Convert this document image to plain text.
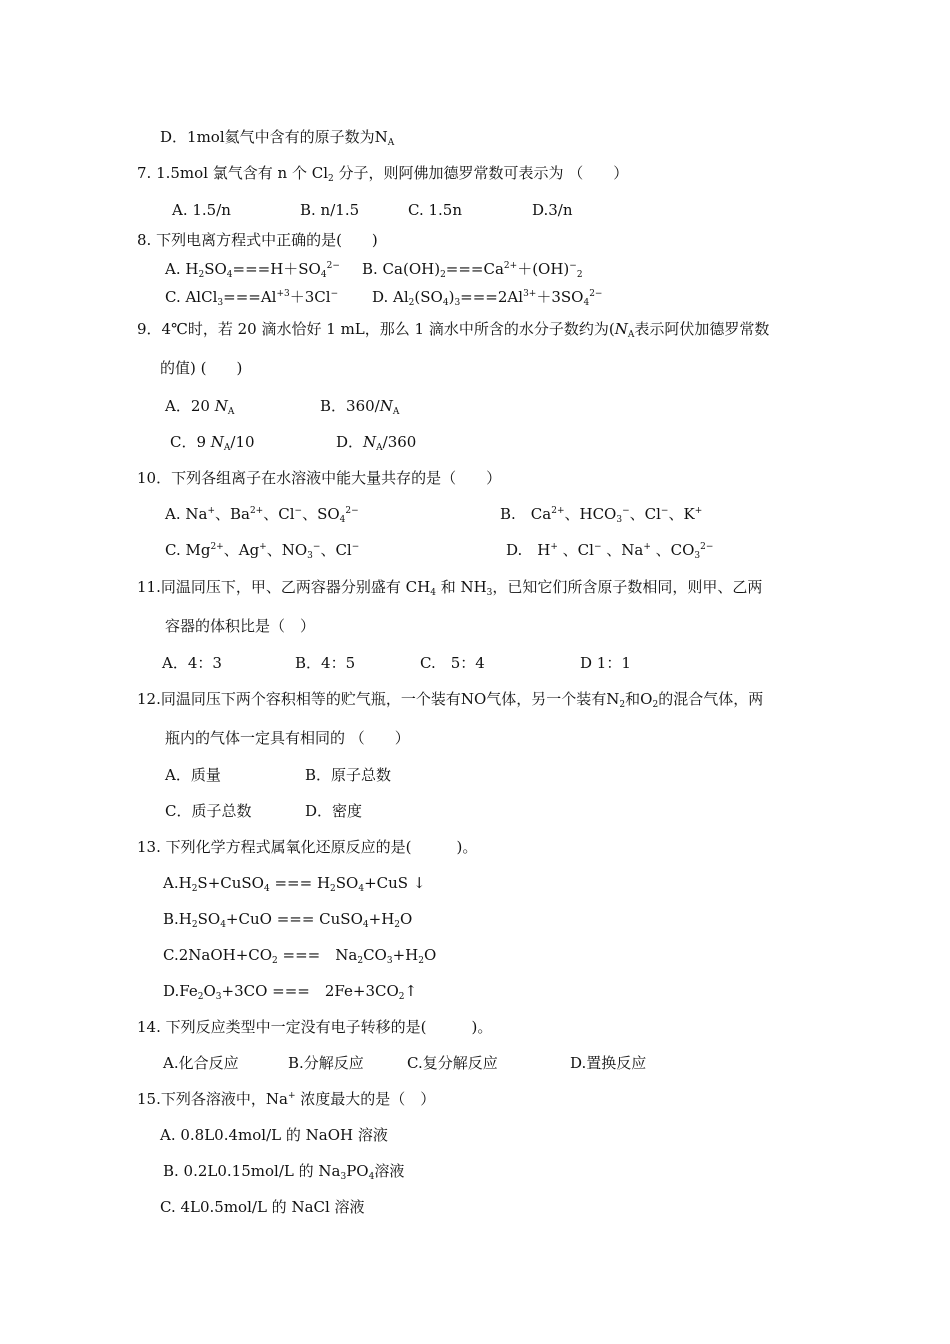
D．1mol氦气中含有的原子数为$N_A$
7. 1.5mol 氯气含有 n 个 $Cl_2$ 分子，则阿佛加德罗常数可表示为 （　　）
A. 1.5/n	B. n/1.5	C. 1.5n	D.3/n
8. 下列电离方程式中正确的是(　　)
A. $H_2SO_4===H+SO_4^{2-}$ B. $Ca(OH)_2===Ca^{2+}+(OH)^-_2$
C. $AlCl_3===Al^{+3}+3Cl^-$ D. $Al_2(SO_4)_3===2Al^{3+}+3SO_4^{2-}$
9．4℃时，若 20 滴水恰好 1 mL，那么 1 滴水中所含的水分子数约为($N_A$表示阿伏加德罗常数
的值) (　　)
A．20 $N_A$	B．$360/N_A$
C．9 $N_A/10$	D．$N_A/360$
10．下列各组离子在水溶液中能大量共存的是（　　）
A. Na+、$Ba^{2+}$、Cl−、$SO_4^{2-}$	B.　$Ca^{2+}$、$HCO_3^-$、Cl−、K+
C. $Mg^{2+}$、Ag+、$NO_3^-$、Cl−	D.　H+ 、Cl− 、Na+ 、$CO_3^{2-}$
11.同温同压下，甲、乙两容器分别盛有 $CH_4$ 和 $NH_3$，已知它们所含原子数相同，则甲、乙两
容器的体积比是（　）
A．4：3	B．4：5	C.　5：4	D 1：1
12.同温同压下两个容积相等的贮气瓶，一个装有NO气体，另一个装有$N_2$和$O_2$的混合气体，两
瓶内的气体一定具有相同的 （　　）
A．质量	B．原子总数
C．质子总数	D．密度
13. 下列化学方程式属氧化还原反应的是(　　　)。
$A.H_2S+CuSO_4$ === $H_2SO_4+CuS$ ↓
$B.H_2SO_4+CuO$ === $CuSO_4+H_2O$
$C.2NaOH+CO_2$ ===　$Na_2CO_3+H_2O$
$D.Fe_2O_3+3CO$ ===　$2Fe+3CO_2↑$
14. 下列反应类型中一定没有电子转移的是(　　　)。
A.化合反应	B.分解反应	C.复分解反应	D.置换反应
15.下列各溶液中，Na+ 浓度最大的是（　）
A. 0.8L0.4mol/L 的 NaOH 溶液
B. 0.2L0.15mol/L 的 $Na_3PO_4$溶液
C. 4L0.5mol/L 的 NaCl 溶液
